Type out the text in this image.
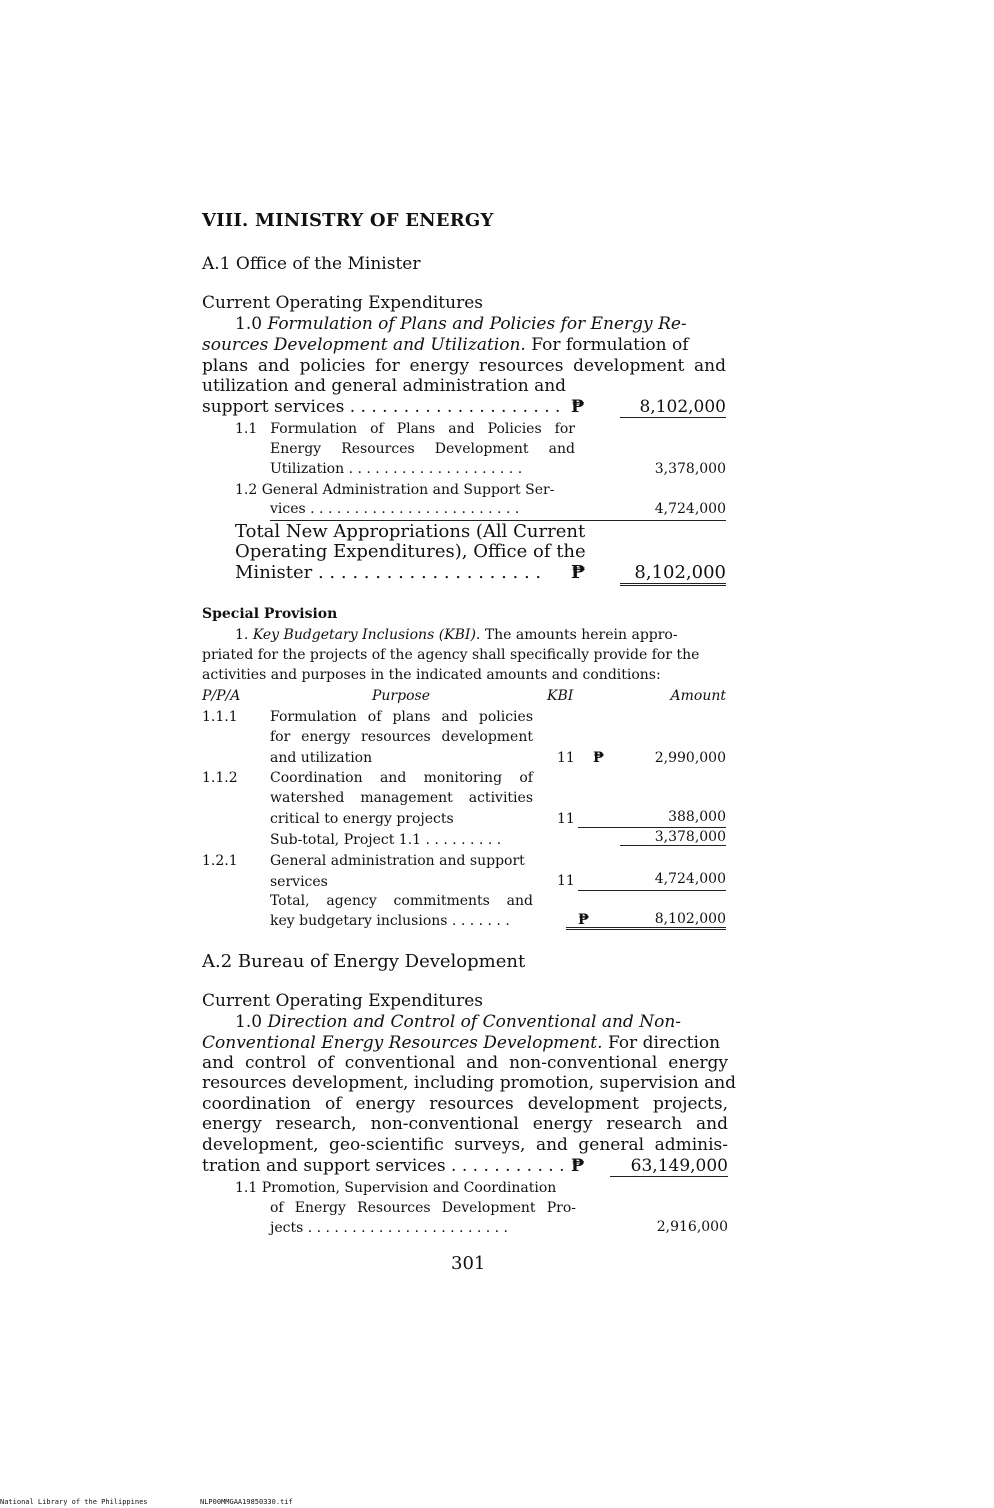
VIII. MINISTRY OF ENERGY
A.1 Office of the Minister
Current Operating Expenditures
1.0 Formulation of Plans and Policies for Energy Re-
sources Development and Utilization. For formulation of
plans and policies for energy resources development and
utilization and general administration and
support services . . . . . . . . . . . . . . . . . . . . ₱	8,102,000
1.1 Formulation of Plans and Policies for
Energy Resources Development and
Utilization . . . . . . . . . . . . . . . . . . . .	3,378,000
1.2 General Administration and Support Ser-
vices . . . . . . . . . . . . . . . . . . . . . . . .	4,724,000
Total New Appropriations (All Current
Operating Expenditures), Office of the
Minister . . . . . . . . . . . . . . . . . . . . ₱	8,102,000
Special Provision
1. Key Budgetary Inclusions (KBI). The amounts herein appro-
priated for the projects of the agency shall specifically provide for the
activities and purposes in the indicated amounts and conditions:
P/P/A	Purpose	KBI	Amount
1.1.1 Formulation of plans and policies
for energy resources development
and utilization	11 ₱	2,990,000
1.1.2 Coordination and monitoring of
watershed management activities
critical to energy projects	11	388,000
Sub-total, Project 1.1 . . . . . . . . .	3,378,000
1.2.1 General administration and support
services	11	4,724,000
Total, agency commitments and
key budgetary inclusions . . . . . . .	₱	8,102,000
A.2 Bureau of Energy Development
Current Operating Expenditures
1.0 Direction and Control of Conventional and Non-
Conventional Energy Resources Development. For direction
and control of conventional and non-conventional energy
resources development, including promotion, supervision and
coordination of energy resources development projects,
energy research, non-conventional energy research and
development, geo-scientific surveys, and general adminis-
tration and support services . . . . . . . . . . . ₱	63,149,000
1.1 Promotion, Supervision and Coordination
of Energy Resources Development Pro-
jects . . . . . . . . . . . . . . . . . . . . . . .	2,916,000
301
National Library of the Philippines	NLP00MMGAA19850330.tif
